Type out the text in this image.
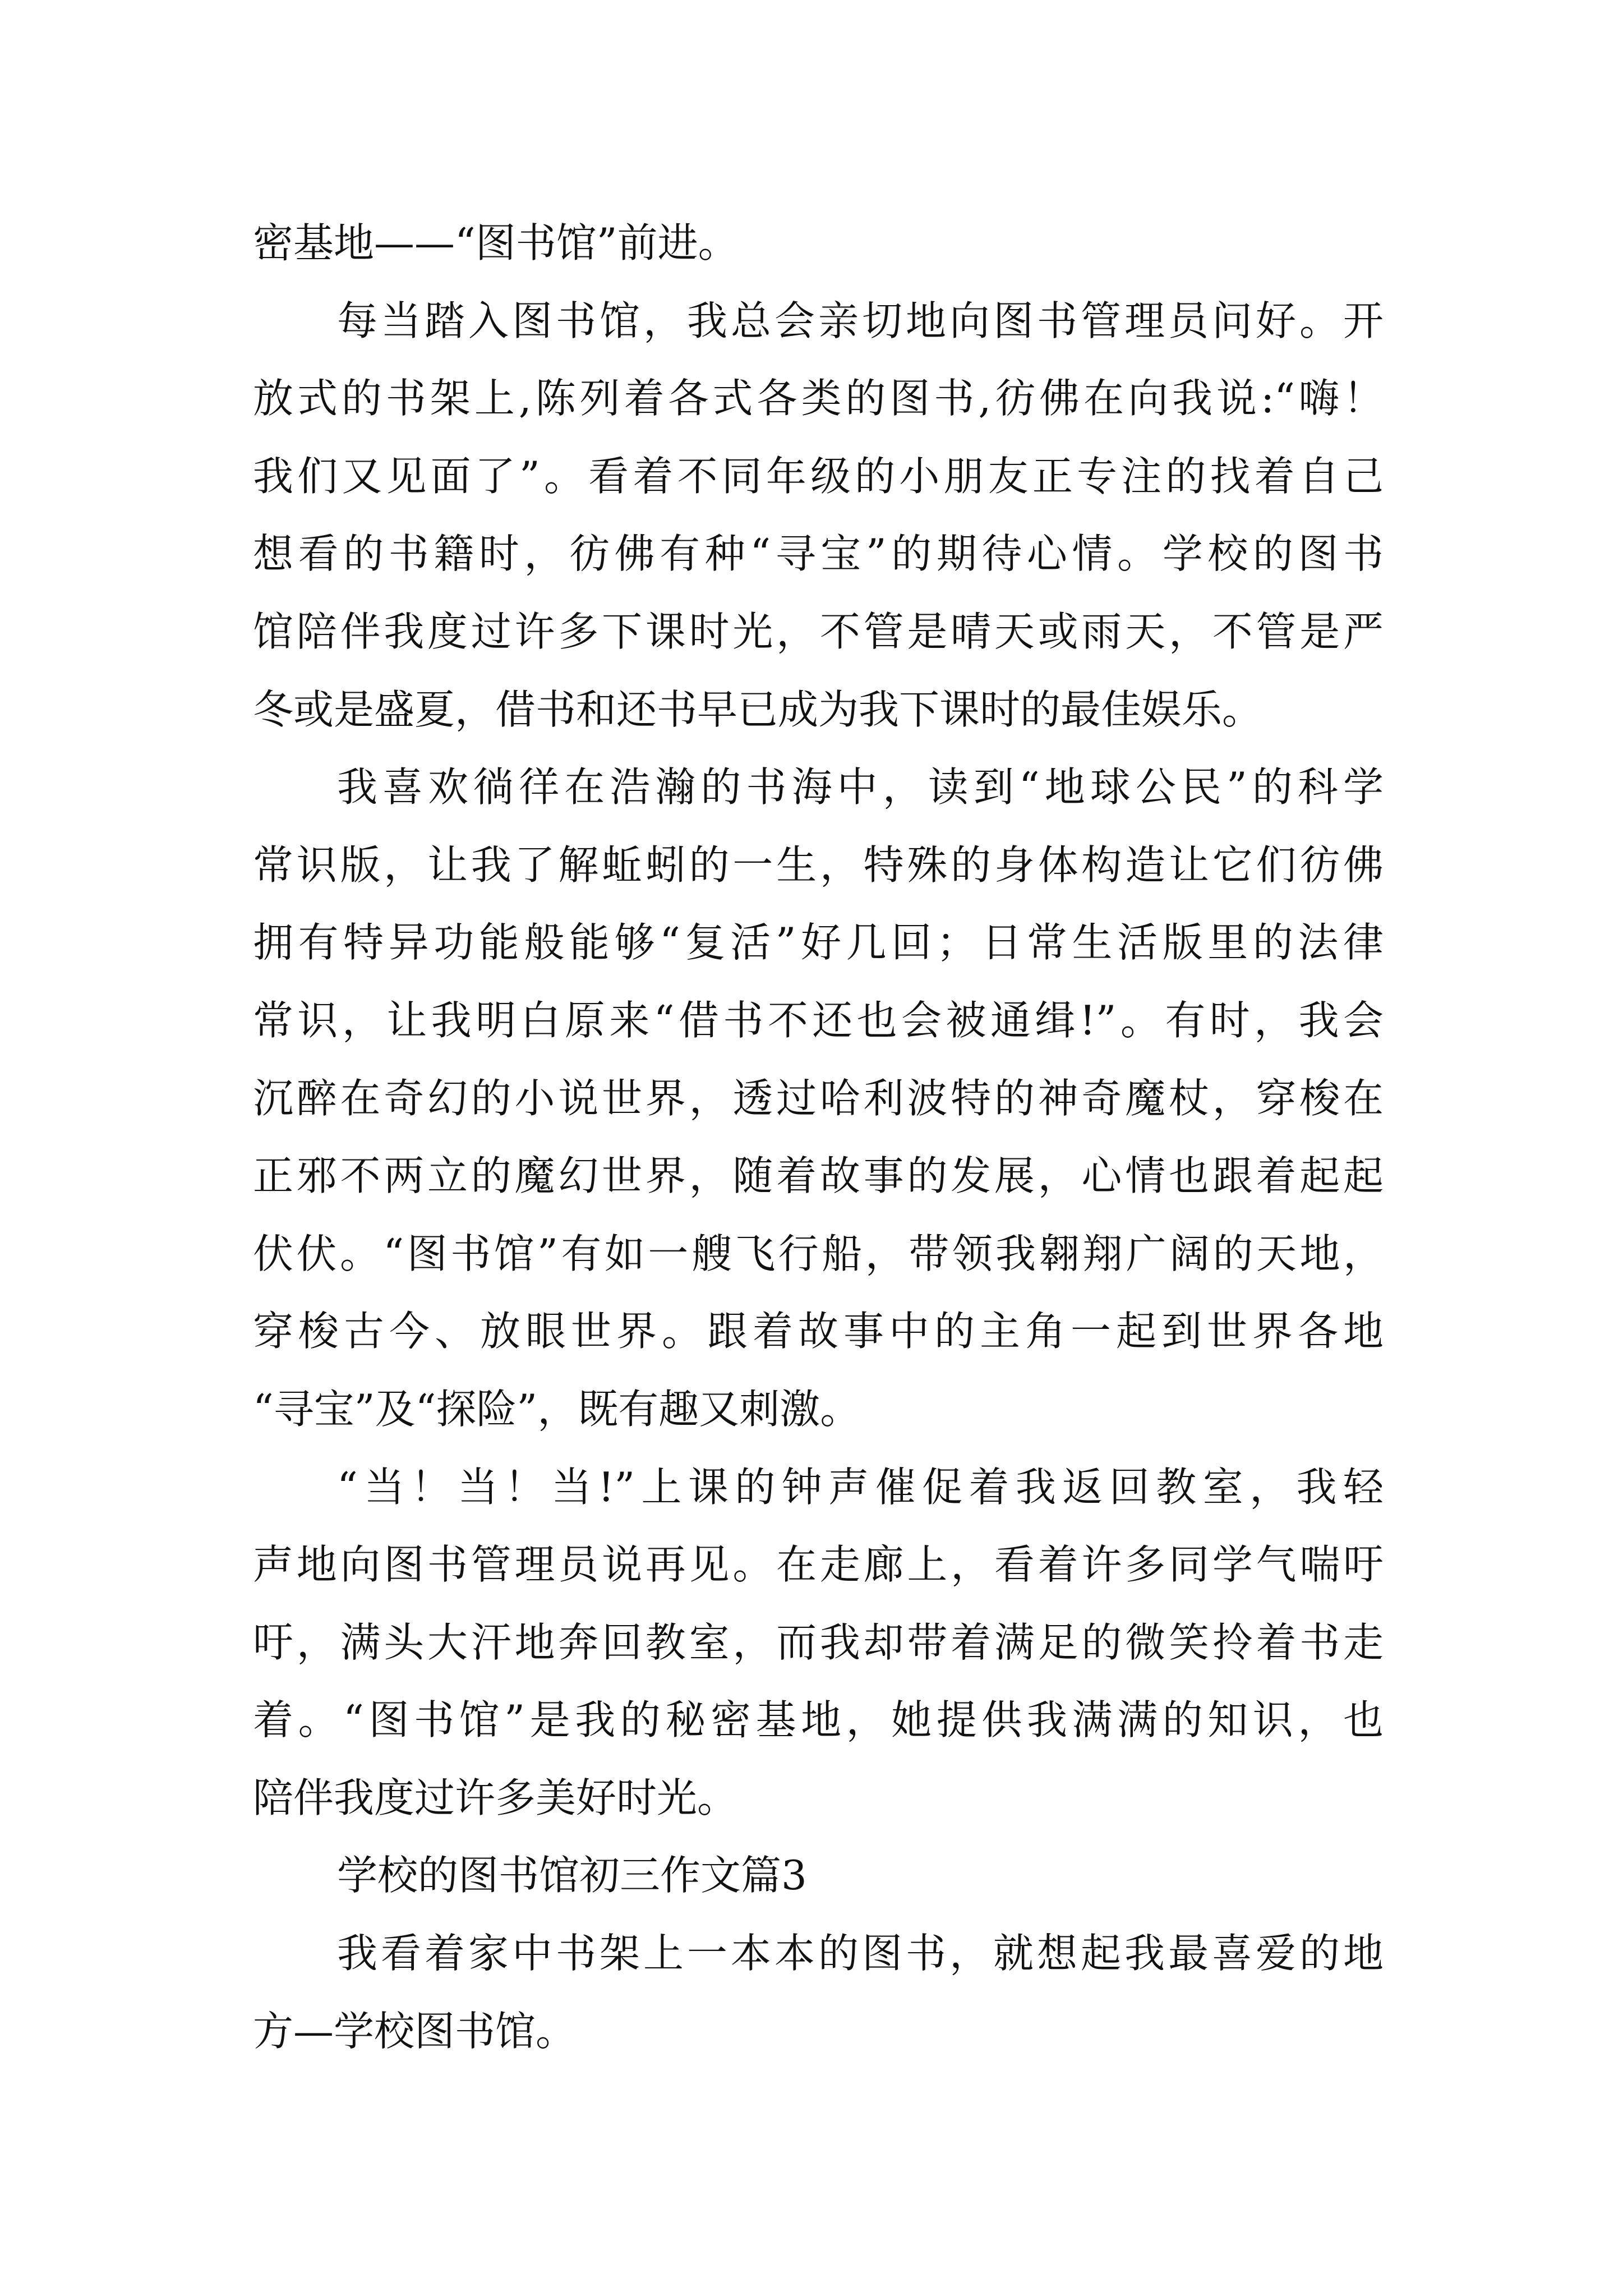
密基地——“图书馆”前进。
每当踏入图书馆，我总会亲切地向图书管理员问好。开
放式的书架上,陈列着各式各类的图书,彷佛在向我说:“嗨！
我们又见面了”。看着不同年级的小朋友正专注的找着自己
想看的书籍时，彷佛有种“寻宝”的期待心情。学校的图书
馆陪伴我度过许多下课时光，不管是晴天或雨天，不管是严
冬或是盛夏，借书和还书早已成为我下课时的最佳娱乐。
我喜欢徜徉在浩瀚的书海中，读到“地球公民”的科学
常识版，让我了解蚯蚓的一生，特殊的身体构造让它们彷佛
拥有特异功能般能够“复活”好几回；日常生活版里的法律
常识，让我明白原来“借书不还也会被通缉!”。有时，我会
沉醉在奇幻的小说世界，透过哈利波特的神奇魔杖，穿梭在
正邪不两立的魔幻世界，随着故事的发展，心情也跟着起起
伏伏。“图书馆”有如一艘飞行船，带领我翱翔广阔的天地，
穿梭古今、放眼世界。跟着故事中的主角一起到世界各地
“寻宝”及“探险”，既有趣又刺激。
“当！当！当!”上课的钟声催促着我返回教室，我轻
声地向图书管理员说再见。在走廊上，看着许多同学气喘吁
吁，满头大汗地奔回教室，而我却带着满足的微笑拎着书走
着。“图书馆”是我的秘密基地，她提供我满满的知识，也
陪伴我度过许多美好时光。
学校的图书馆初三作文篇3
我看着家中书架上一本本的图书，就想起我最喜爱的地
方—学校图书馆。
